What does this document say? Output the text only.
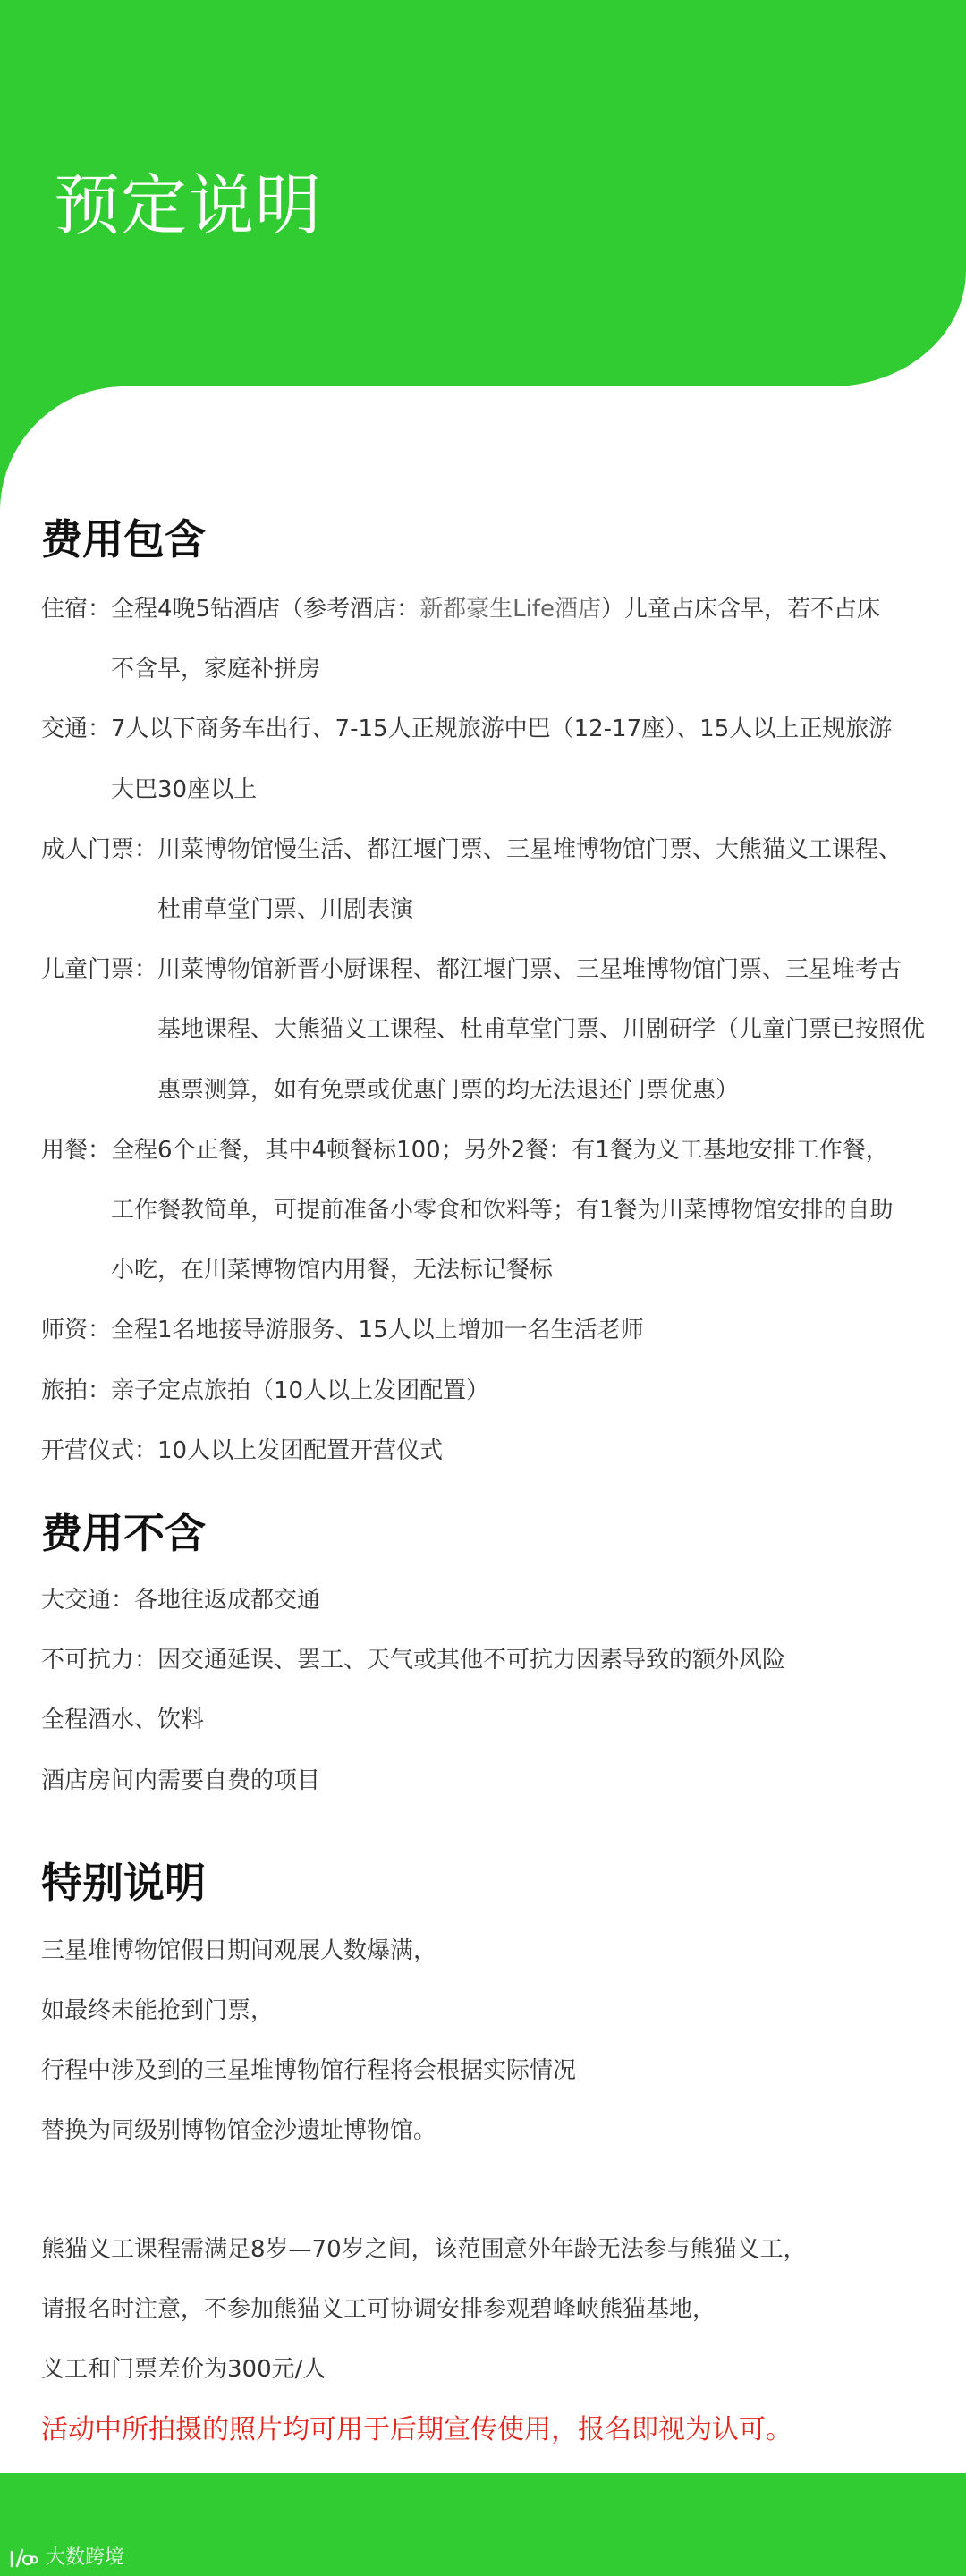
预定说明
费用包含
住宿： 全程4晚5钻酒店（参考酒店：新都豪生Life酒店）儿童占床含早，若不占床
不含早，家庭补拼房
交通： 7人以下商务车出行、7-15人正规旅游中巴（12-17座）、15人以上正规旅游
大巴30座以上
成人门票： 川菜博物馆慢生活、都江堰门票、三星堆博物馆门票、大熊猫义工课程、
杜甫草堂门票、川剧表演
儿童门票： 川菜博物馆新晋小厨课程、都江堰门票、三星堆博物馆门票、三星堆考古
基地课程、大熊猫义工课程、杜甫草堂门票、川剧研学（儿童门票已按照优
惠票测算，如有免票或优惠门票的均无法退还门票优惠）
用餐： 全程6个正餐，其中4顿餐标100；另外2餐：有1餐为义工基地安排工作餐，
工作餐教简单，可提前准备小零食和饮料等；有1餐为川菜博物馆安排的自助
小吃，在川菜博物馆内用餐，无法标记餐标
师资： 全程1名地接导游服务、15人以上增加一名生活老师
旅拍： 亲子定点旅拍（10人以上发团配置）
开营仪式： 10人以上发团配置开营仪式
费用不含
大交通： 各地往返成都交通
不可抗力： 因交通延误、罢工、天气或其他不可抗力因素导致的额外风险
全程酒水、饮料
酒店房间内需要自费的项目
特别说明
三星堆博物馆假日期间观展人数爆满，
如最终未能抢到门票，
行程中涉及到的三星堆博物馆行程将会根据实际情况
替换为同级别博物馆金沙遗址博物馆。
熊猫义工课程需满足8岁—70岁之间，该范围意外年龄无法参与熊猫义工，
请报名时注意，不参加熊猫义工可协调安排参观碧峰峡熊猫基地，
义工和门票差价为300元/人
活动中所拍摄的照片均可用于后期宣传使用，报名即视为认可。
大数跨境
